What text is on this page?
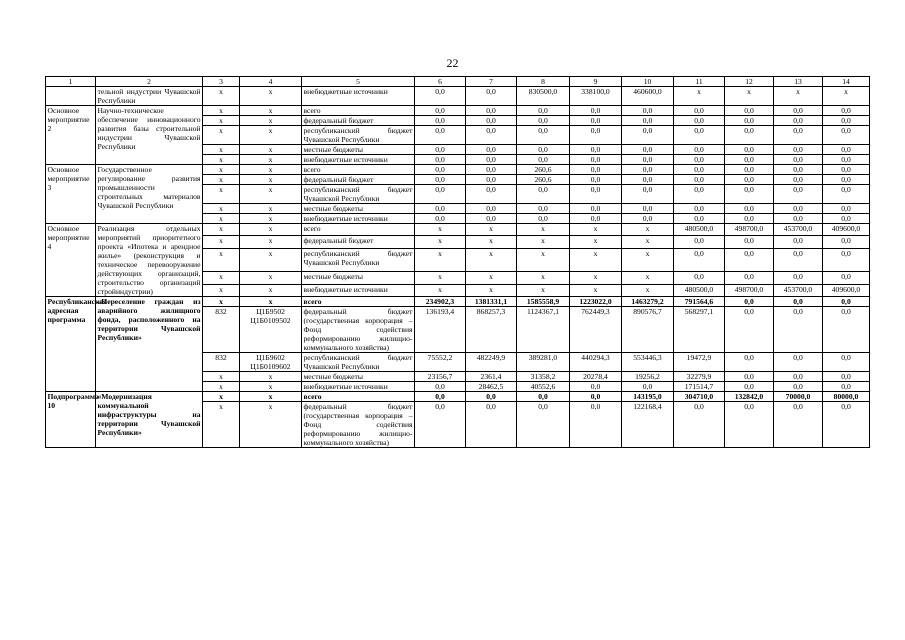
22
1	2	3	4	5	6	7	8	9	10	11	12	13	14
	тельной индустрии Чувашской Республики	x	x	внебюджетные источники	0,0	0,0	830500,0	338100,0	460600,0	x	x	x	x
Основное мероприятие 2	Научно-техническое обеспечение инновационного развития базы строительной индустрии Чувашской Республики	x	x	всего	0,0	0,0	0,0	0,0	0,0	0,0	0,0	0,0	0,0
		x	x	федеральный бюджет	0,0	0,0	0,0	0,0	0,0	0,0	0,0	0,0	0,0
		x	x	республиканский бюджет Чувашской Республики	0,0	0,0	0,0	0,0	0,0	0,0	0,0	0,0	0,0
		x	x	местные бюджеты	0,0	0,0	0,0	0,0	0,0	0,0	0,0	0,0	0,0
		x	x	внебюджетные источники	0,0	0,0	0,0	0,0	0,0	0,0	0,0	0,0	0,0
Основное мероприятие 3	Государственное регулирование развития промышленности строительных материалов Чувашской Республики	x	x	всего	0,0	0,0	260,6	0,0	0,0	0,0	0,0	0,0	0,0
		x	x	федеральный бюджет	0,0	0,0	260,6	0,0	0,0	0,0	0,0	0,0	0,0
		x	x	республиканский бюджет Чувашской Республики	0,0	0,0	0,0	0,0	0,0	0,0	0,0	0,0	0,0
		x	x	местные бюджеты	0,0	0,0	0,0	0,0	0,0	0,0	0,0	0,0	0,0
		x	x	внебюджетные источники	0,0	0,0	0,0	0,0	0,0	0,0	0,0	0,0	0,0
Основное мероприятие 4	Реализация отдельных мероприятий приоритетного проекта «Ипотека и арендное жилье» (реконструкция и техническое перевооружение действующих организаций, строительство организаций стройиндустрии)	x	x	всего	x	x	x	x	x	480500,0	498700,0	453700,0	409600,0
		x	x	федеральный бюджет	x	x	x	x	x	0,0	0,0	0,0	0,0
		x	x	республиканский бюджет Чувашской Республики	x	x	x	x	x	0,0	0,0	0,0	0,0
		x	x	местные бюджеты	x	x	x	x	x	0,0	0,0	0,0	0,0
		x	x	внебюджетные источники	x	x	x	x	x	480500,0	498700,0	453700,0	409600,0
Республиканская адресная программа	«Переселение граждан из аварийного жилищного фонда, расположенного на территории Чувашской Республики»	x	x	всего	234902,3	1381331,1	1585558,9	1223022,0	1463279,2	791564,6	0,0	0,0	0,0
		832	Ц1Б9502 Ц1Б0109502	федеральный бюджет (государственная корпорация – Фонд содействия реформированию жилищно-коммунального хозяйства)	136193,4	868257,3	1124367,1	762449,3	890576,7	568297,1	0,0	0,0	0,0
		832	Ц1Б9602 Ц1Б0109602	республиканский бюджет Чувашской Республики	75552,2	482249,9	389281,0	440294,3	553446,3	19472,9	0,0	0,0	0,0
		x	x	местные бюджеты	23156,7	2361,4	31358,2	20278,4	19256,2	32279,9	0,0	0,0	0,0
		x	x	внебюджетные источники	0,0	28462,5	40552,6	0,0	0,0	171514,7	0,0	0,0	0,0
Подпрограмма 10	«Модернизация коммунальной инфраструктуры на территории Чувашской Республики»	x	x	всего	0,0	0,0	0,0	0,0	143195,0	304710,0	132842,0	70000,0	80000,0
		x	x	федеральный бюджет (государственная корпорация – Фонд содействия реформированию жилищно-коммунального хозяйства)	0,0	0,0	0,0	0,0	122168,4	0,0	0,0	0,0	0,0
